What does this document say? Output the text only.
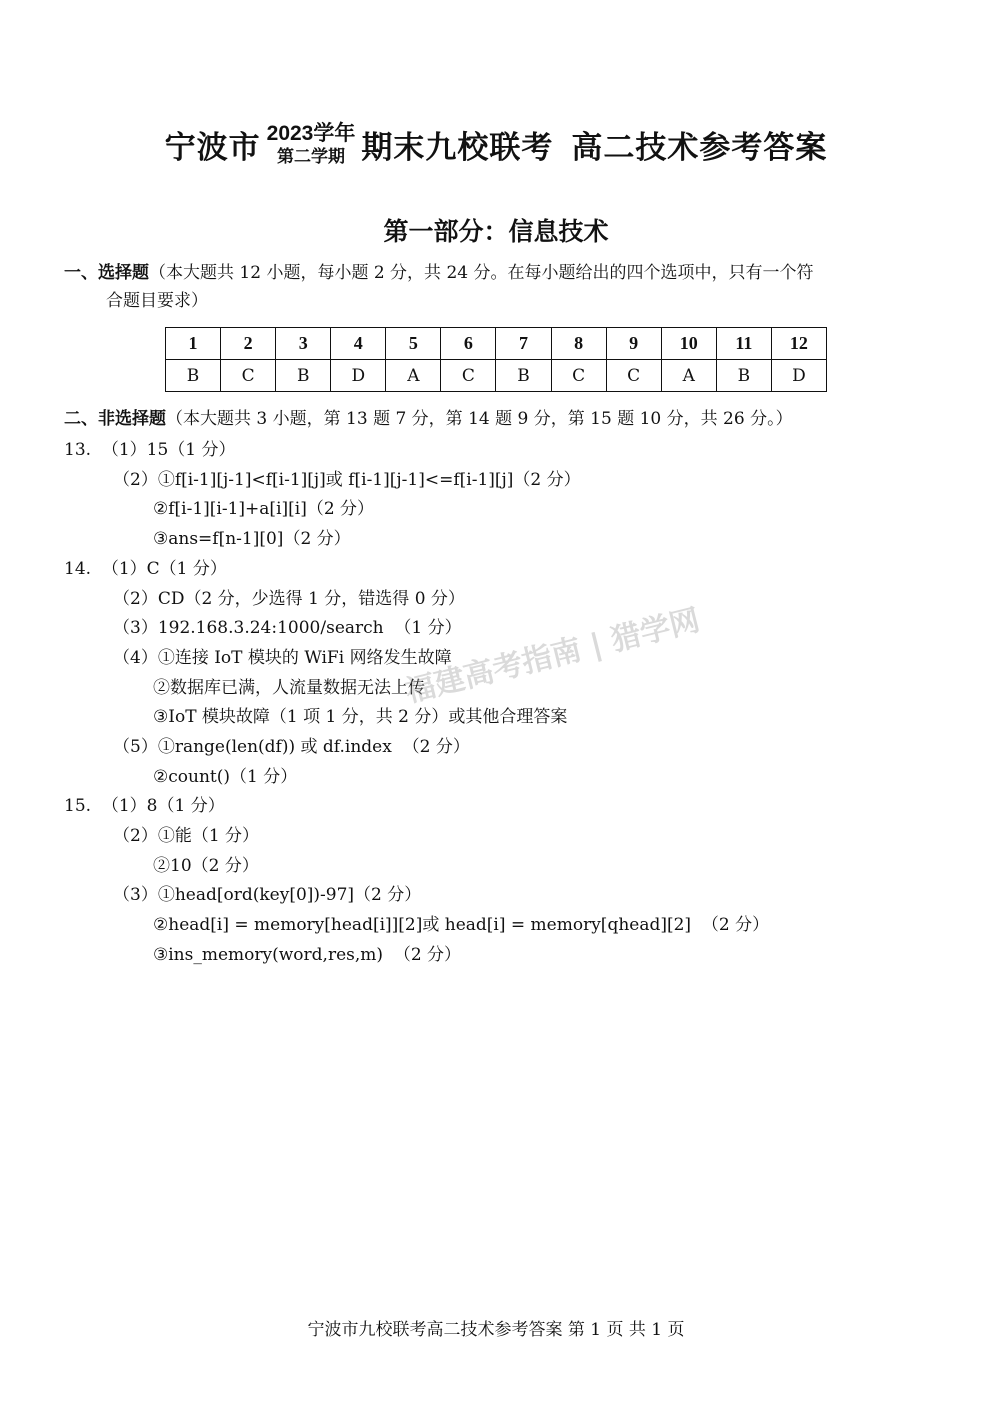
宁波市 2023学年
第二学期 期末九校联考 高二技术参考答案
第一部分：信息技术
一、选择题（本大题共 12 小题，每小题 2 分，共 24 分。在每小题给出的四个选项中，只有一个符
合题目要求）
1	2	3	4	5	6	7	8	9	10	11	12
B	C	B	D	A	C	B	C	C	A	B	D
二、非选择题（本大题共 3 小题，第 13 题 7 分，第 14 题 9 分，第 15 题 10 分，共 26 分。）
13.  （1）15（1 分）
（2）①f[i-1][j-1]<f[i-1][j]或 f[i-1][j-1]<=f[i-1][j]（2 分）
②f[i-1][i-1]+a[i][i]（2 分）
③ans=f[n-1][0]（2 分）
14.  （1）C（1 分）
（2）CD（2 分，少选得 1 分，错选得 0 分）
（3）192.168.3.24:1000/search  （1 分）
（4）①连接 IoT 模块的 WiFi 网络发生故障
②数据库已满，人流量数据无法上传
③IoT 模块故障（1 项 1 分，共 2 分）或其他合理答案
（5）①range(len(df)) 或 df.index  （2 分）
②count()（1 分）
15.  （1）8（1 分）
（2）①能（1 分）
②10（2 分）
（3）①head[ord(key[0])-97]（2 分）
②head[i] = memory[head[i]][2]或 head[i] = memory[qhead][2]  （2 分）
③ins_memory(word,res,m)  （2 分）
福建高考指南 | 猎学网
宁波市九校联考高二技术参考答案 第 1 页 共 1 页
